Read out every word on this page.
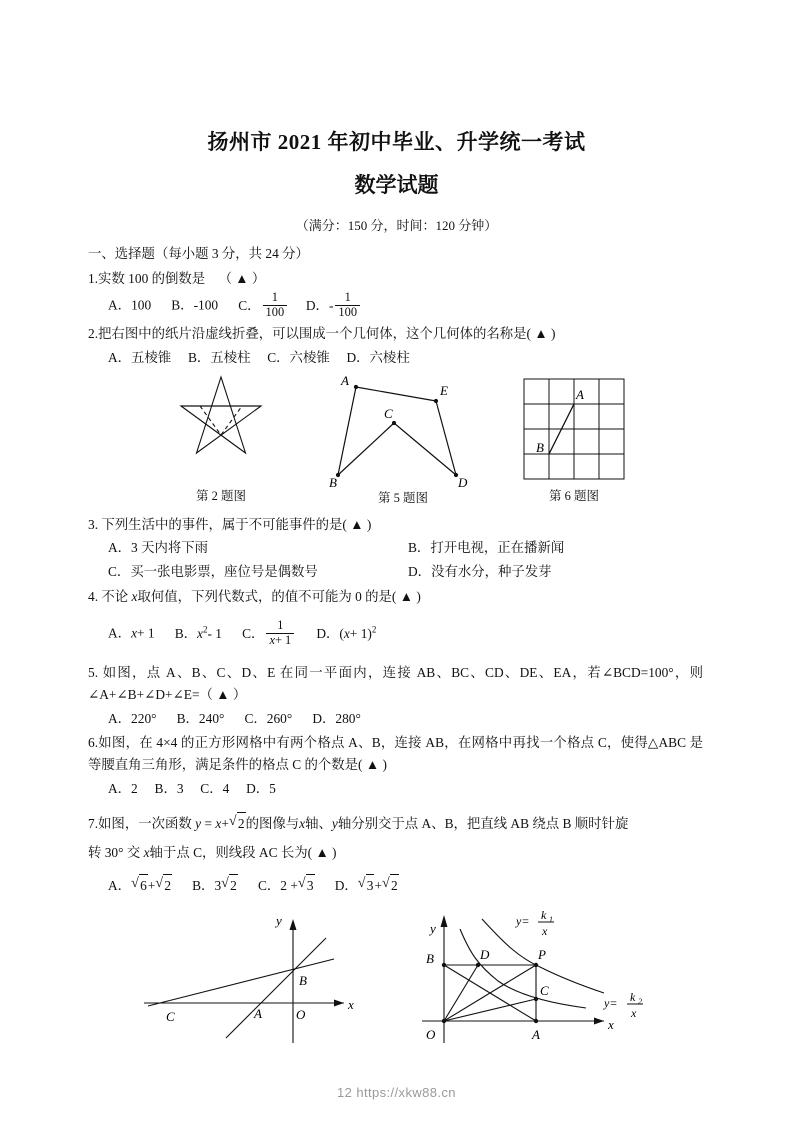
扬州市 2021 年初中毕业、升学统一考试
数学试题
（满分：150 分，时间：120 分钟）
一、选择题（每小题 3 分，共 24 分）
1.实数 100 的倒数是 （ ▲ ）
A．100 B．-100 C． $\frac{1}{100}$ D．- $\frac{1}{100}$
2.把右图中的纸片沿虚线折叠，可以围成一个几何体，这个几何体的名称是( ▲ )
A．五棱锥 B．五棱柱 C．六棱锥 D．六棱柱
第 2 题图
A
E
C
B	D
第 5 题图
A
B
第 6 题图
3. 下列生活中的事件，属于不可能事件的是( ▲ )
A．3 天内将下雨	B．打开电视，正在播新闻
C．买一张电影票，座位号是偶数号	D．没有水分，种子发芽
4. 不论 x取何值，下列代数式，的值不可能为 0 的是( ▲ )
A．x+ 1 B．$x^2-$ 1 C． $\frac{1}{x+ 1}$ D．$(x+ 1)^2$
5. 如图，点 A、B、C、D、E 在同一平面内，连接 AB、BC、CD、DE、EA，若∠BCD=100°，则∠A+∠B+∠D+∠E=（ ▲ ）
A．220° B．240° C．260° D．280°
6.如图，在 4×4 的正方形网格中有两个格点 A、B，连接 AB，在网格中再找一个格点 C，使得△ABC 是等腰直角三角形，满足条件的格点 C 的个数是( ▲ )
A．2 B．3 C．4 D．5
7.如图，一次函数 y = x+ √ 2的图像与x轴、y轴分别交于点 A、B，把直线 AB 绕点 B 顺时针旋
转 30° 交 x轴于点 C，则线段 AC 长为( ▲ )
A． √ 6+ √ 2 B．3 √ 2 C．2 + √ 3 D． √ 3+ √ 2
y
x
O
A
B
C
y
x
O	A
B
C
D	P
y= k 1
x
y= k 2
x
12 https://xkw88.cn
